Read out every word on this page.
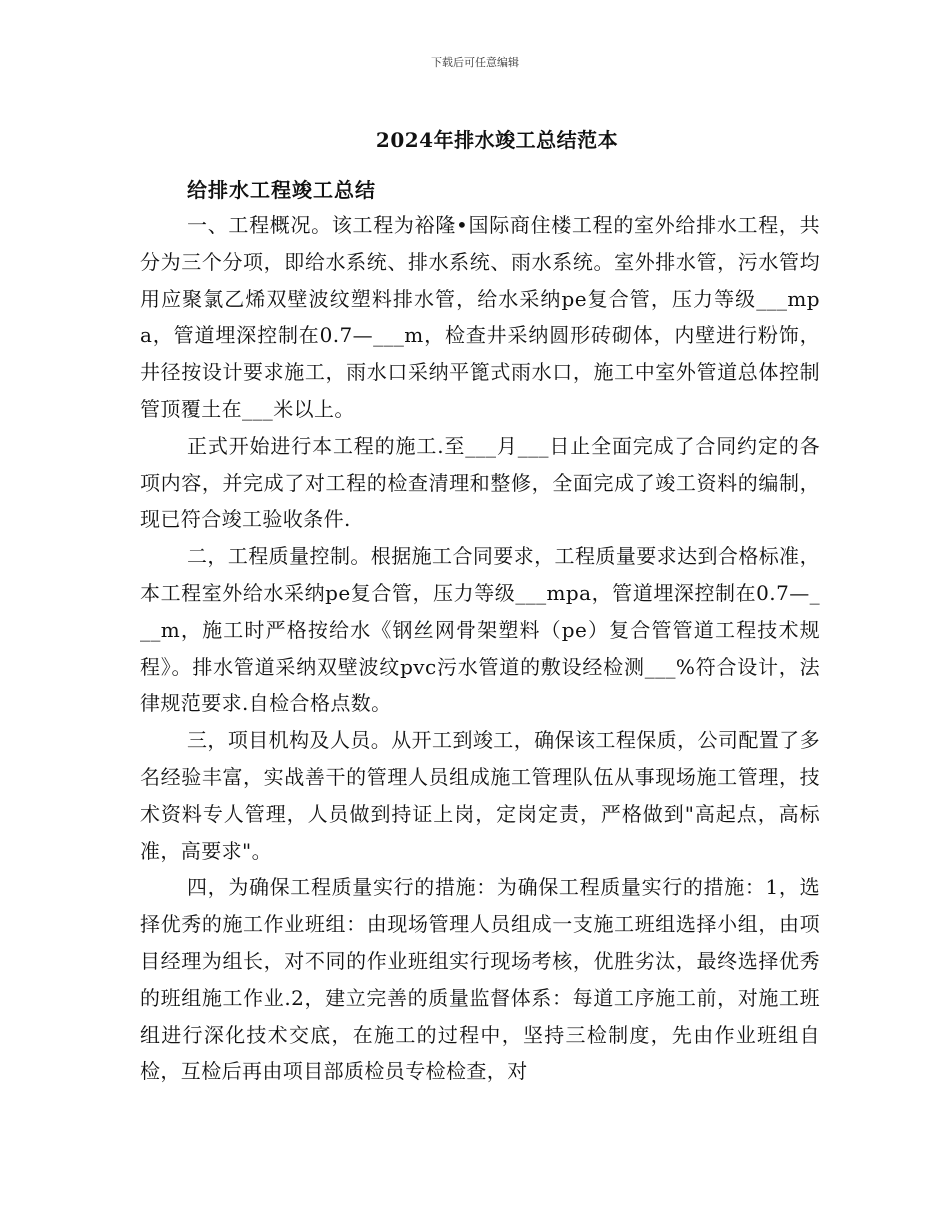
下载后可任意编辑
2024年排水竣工总结范本
给排水工程竣工总结

一、工程概况。该工程为裕隆•国际商住楼工程的室外给排水工程，共分为三个分项，即给水系统、排水系统、雨水系统。室外排水管，污水管均用应聚氯乙烯双壁波纹塑料排水管，给水采纳pe复合管，压力等级___mpa，管道埋深控制在0.7—___m，检查井采纳圆形砖砌体，内壁进行粉饰，井径按设计要求施工，雨水口采纳平篦式雨水口，施工中室外管道总体控制管顶覆土在___米以上。

正式开始进行本工程的施工.至___月___日止全面完成了合同约定的各项内容，并完成了对工程的检查清理和整修，全面完成了竣工资料的编制，现已符合竣工验收条件.

二，工程质量控制。根据施工合同要求，工程质量要求达到合格标准，本工程室外给水采纳pe复合管，压力等级___mpa，管道埋深控制在0.7—___m，施工时严格按给水《钢丝网骨架塑料（pe）复合管管道工程技术规程》。排水管道采纳双壁波纹pvc污水管道的敷设经检测___%符合设计，法律规范要求.自检合格点数。

三，项目机构及人员。从开工到竣工，确保该工程保质，公司配置了多名经验丰富，实战善干的管理人员组成施工管理队伍从事现场施工管理，技术资料专人管理，人员做到持证上岗，定岗定责，严格做到"高起点，高标准，高要求"。

四，为确保工程质量实行的措施：为确保工程质量实行的措施：1，选择优秀的施工作业班组：由现场管理人员组成一支施工班组选择小组，由项目经理为组长，对不同的作业班组实行现场考核，优胜劣汰，最终选择优秀的班组施工作业.2，建立完善的质量监督体系：每道工序施工前，对施工班组进行深化技术交底，在施工的过程中，坚持三检制度，先由作业班组自检，互检后再由项目部质检员专检检查，对
